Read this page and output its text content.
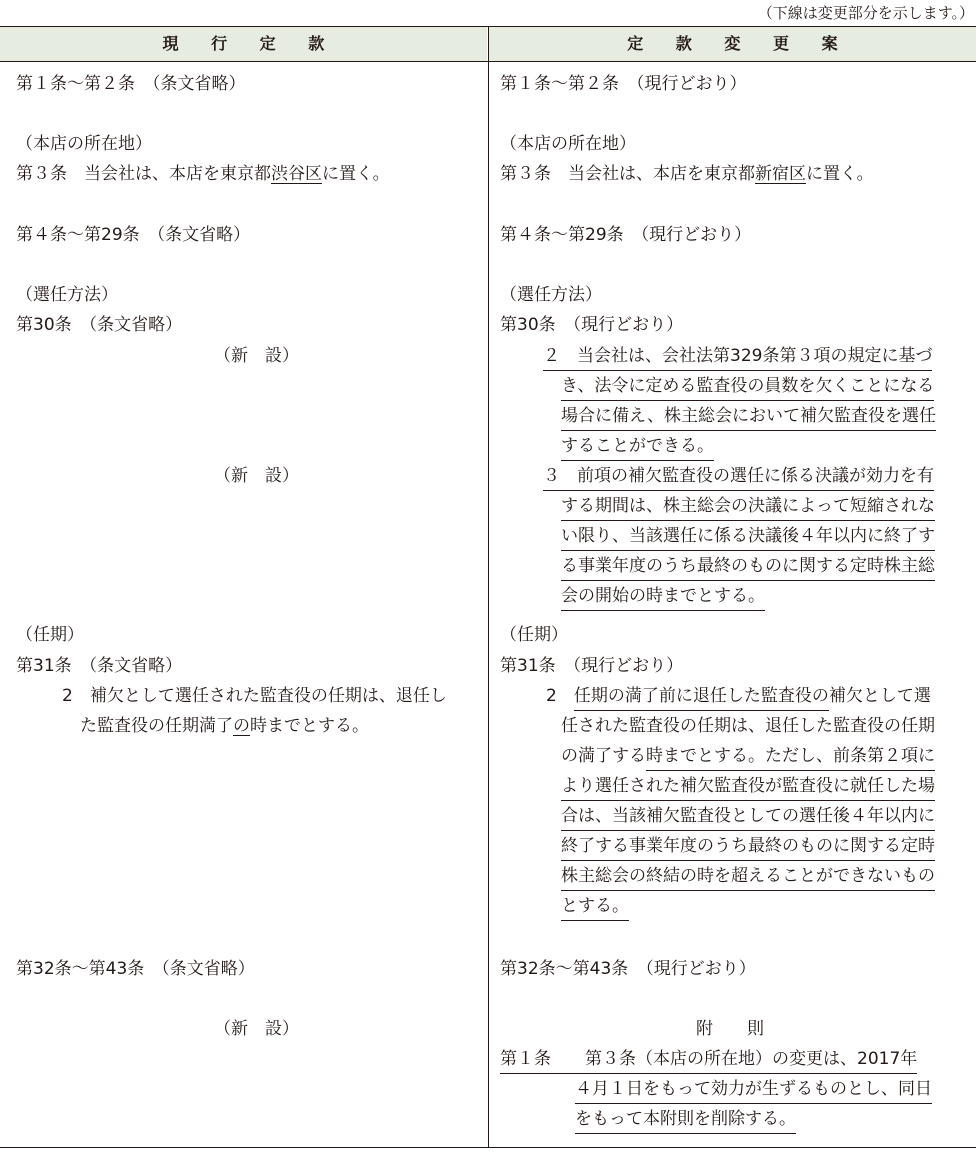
（下線は変更部分を示します。）
現　　行　　定　　款	定　　款　　変　　更　　案
第１条〜第２条　（条文省略）
（本店の所在地）
第３条　当会社は、本店を東京都渋谷区に置く。
第４条〜第29条　（条文省略）
（選任方法）
第30条　（条文省略）
（新　設）
（新　設）
（任期）
第31条　（条文省略）
2　補欠として選任された監査役の任期は、退任し
た監査役の任期満了の時までとする。
第32条〜第43条　（条文省略）
（新　設）
第１条〜第２条　（現行どおり）
（本店の所在地）
第３条　当会社は、本店を東京都新宿区に置く。
第４条〜第29条　（現行どおり）
（選任方法）
第30条　（現行どおり）
２　当会社は、会社法第329条第３項の規定に基づ
き、法令に定める監査役の員数を欠くことになる
場合に備え、株主総会において補欠監査役を選任
することができる。
３　前項の補欠監査役の選任に係る決議が効力を有
する期間は、株主総会の決議によって短縮されな
い限り、当該選任に係る決議後４年以内に終了す
る事業年度のうち最終のものに関する定時株主総
会の開始の時までとする。
（任期）
第31条　（現行どおり）
2　任期の満了前に退任した監査役の補欠として選
任された監査役の任期は、退任した監査役の任期
の満了する時までとする。ただし、前条第２項に
より選任された補欠監査役が監査役に就任した場
合は、当該補欠監査役としての選任後４年以内に
終了する事業年度のうち最終のものに関する定時
株主総会の終結の時を超えることができないもの
とする。
第32条〜第43条　（現行どおり）
附　　則
第１条　　第３条（本店の所在地）の変更は、2017年
４月１日をもって効力が生ずるものとし、同日
をもって本附則を削除する。
